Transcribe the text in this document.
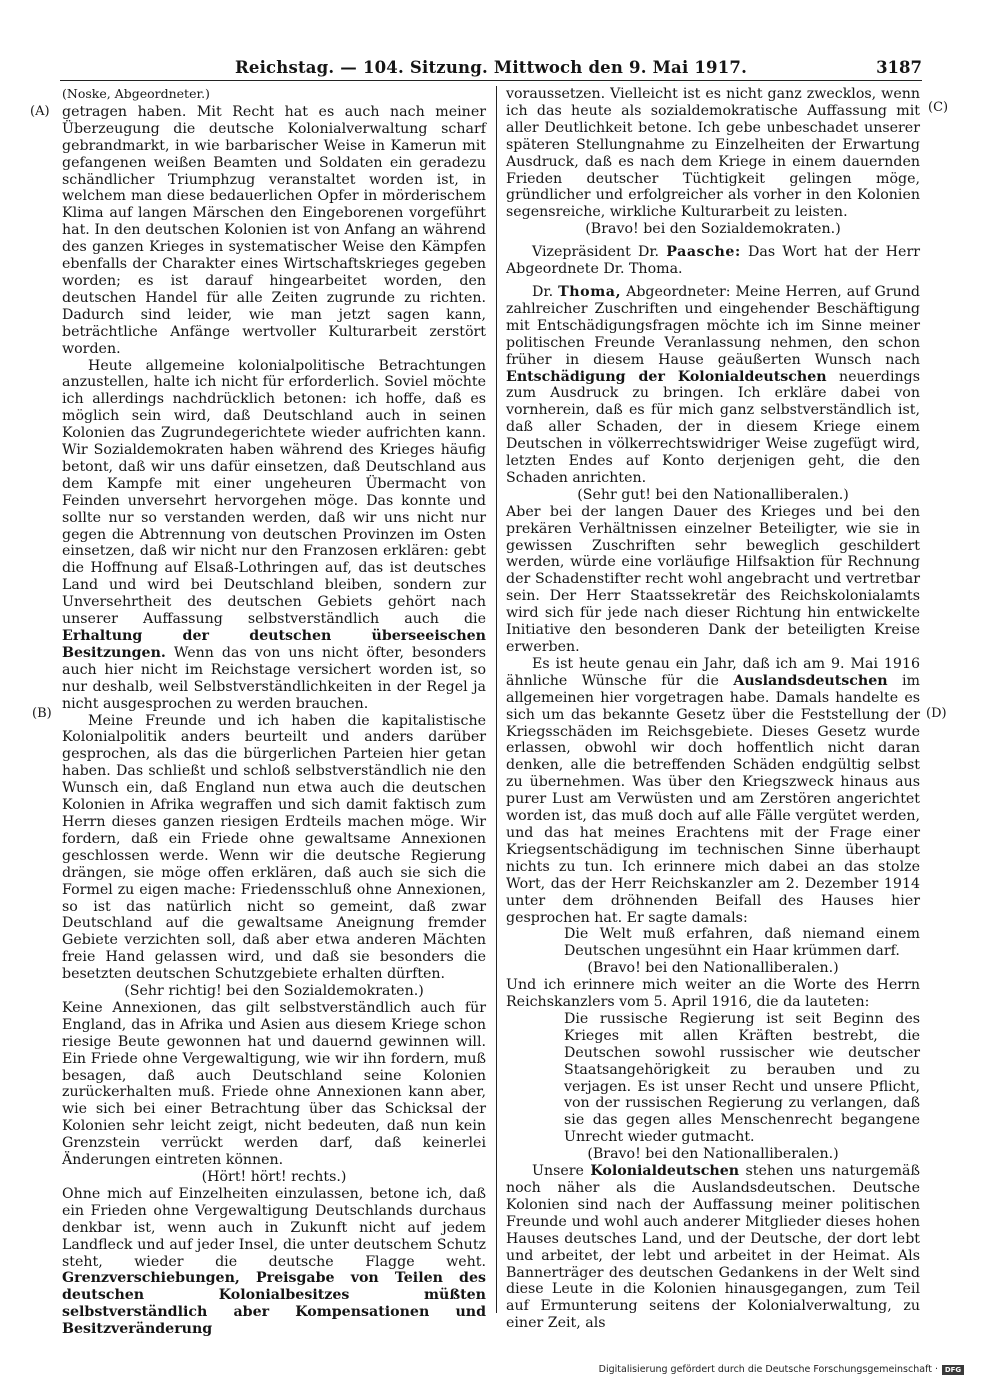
Reichstag. — 104. Sitzung. Mittwoch den 9. Mai 1917.	3187
(A)
(B)
(C)
(D)

(Noske, Abgeordneter.)

getragen haben. Mit Recht hat es auch nach meiner Überzeugung die deutsche Kolonialverwaltung scharf gebrandmarkt, in wie barbarischer Weise in Kamerun mit gefangenen weißen Beamten und Soldaten ein geradezu schändlicher Triumphzug veranstaltet worden ist, in welchem man diese bedauerlichen Opfer in mörderischem Klima auf langen Märschen den Eingeborenen vorgeführt hat. In den deutschen Kolonien ist von Anfang an während des ganzen Krieges in systematischer Weise den Kämpfen ebenfalls der Charakter eines Wirtschaftskrieges gegeben worden; es ist darauf hingearbeitet worden, den deutschen Handel für alle Zeiten zugrunde zu richten. Dadurch sind leider, wie man jetzt sagen kann, beträchtliche Anfänge wertvoller Kulturarbeit zerstört worden.

Heute allgemeine kolonialpolitische Betrachtungen anzustellen, halte ich nicht für erforderlich. Soviel möchte ich allerdings nachdrücklich betonen: ich hoffe, daß es möglich sein wird, daß Deutschland auch in seinen Kolonien das Zugrundegerichtete wieder aufrichten kann. Wir Sozialdemokraten haben während des Krieges häufig betont, daß wir uns dafür einsetzen, daß Deutschland aus dem Kampfe mit einer ungeheuren Übermacht von Feinden unversehrt hervorgehen möge. Das konnte und sollte nur so verstanden werden, daß wir uns nicht nur gegen die Abtrennung von deutschen Provinzen im Osten einsetzen, daß wir nicht nur den Franzosen erklären: gebt die Hoffnung auf Elsaß-Lothringen auf, das ist deutsches Land und wird bei Deutschland bleiben, sondern zur Unversehrtheit des deutschen Gebiets gehört nach unserer Auffassung selbstverständlich auch die Erhaltung der deutschen überseeischen Besitzungen. Wenn das von uns nicht öfter, besonders auch hier nicht im Reichstage versichert worden ist, so nur deshalb, weil Selbstverständlichkeiten in der Regel ja nicht ausgesprochen zu werden brauchen.

Meine Freunde und ich haben die kapitalistische Kolonialpolitik anders beurteilt und anders darüber gesprochen, als das die bürgerlichen Parteien hier getan haben. Das schließt und schloß selbstverständlich nie den Wunsch ein, daß England nun etwa auch die deutschen Kolonien in Afrika wegraffen und sich damit faktisch zum Herrn dieses ganzen riesigen Erdteils machen möge. Wir fordern, daß ein Friede ohne gewaltsame Annexionen geschlossen werde. Wenn wir die deutsche Regierung drängen, sie möge offen erklären, daß auch sie sich die Formel zu eigen mache: Friedensschluß ohne Annexionen, so ist das natürlich nicht so gemeint, daß zwar Deutschland auf die gewaltsame Aneignung fremder Gebiete verzichten soll, daß aber etwa anderen Mächten freie Hand gelassen wird, und daß sie besonders die besetzten deutschen Schutzgebiete erhalten dürften.

(Sehr richtig! bei den Sozialdemokraten.)

Keine Annexionen, das gilt selbstverständlich auch für England, das in Afrika und Asien aus diesem Kriege schon riesige Beute gewonnen hat und dauernd gewinnen will. Ein Friede ohne Vergewaltigung, wie wir ihn fordern, muß besagen, daß auch Deutschland seine Kolonien zurückerhalten muß. Friede ohne Annexionen kann aber, wie sich bei einer Betrachtung über das Schicksal der Kolonien sehr leicht zeigt, nicht bedeuten, daß nun kein Grenzstein verrückt werden darf, daß keinerlei Änderungen eintreten können.

(Hört! hört! rechts.)

Ohne mich auf Einzelheiten einzulassen, betone ich, daß ein Frieden ohne Vergewaltigung Deutschlands durchaus denkbar ist, wenn auch in Zukunft nicht auf jedem Landfleck und auf jeder Insel, die unter deutschem Schutz steht, wieder die deutsche Flagge weht. Grenzverschiebungen, Preisgabe von Teilen des deutschen Kolonialbesitzes müßten selbstverständlich aber Kompensationen und Besitzveränderung

voraussetzen. Vielleicht ist es nicht ganz zwecklos, wenn ich das heute als sozialdemokratische Auffassung mit aller Deutlichkeit betone. Ich gebe unbeschadet unserer späteren Stellungnahme zu Einzelheiten der Erwartung Ausdruck, daß es nach dem Kriege in einem dauernden Frieden deutscher Tüchtigkeit gelingen möge, gründlicher und erfolgreicher als vorher in den Kolonien segensreiche, wirkliche Kulturarbeit zu leisten.

(Bravo! bei den Sozialdemokraten.)

Vizepräsident Dr. Paasche: Das Wort hat der Herr Abgeordnete Dr. Thoma.

Dr. Thoma, Abgeordneter: Meine Herren, auf Grund zahlreicher Zuschriften und eingehender Beschäftigung mit Entschädigungsfragen möchte ich im Sinne meiner politischen Freunde Veranlassung nehmen, den schon früher in diesem Hause geäußerten Wunsch nach Entschädigung der Kolonialdeutschen neuerdings zum Ausdruck zu bringen. Ich erkläre dabei von vornherein, daß es für mich ganz selbstverständlich ist, daß aller Schaden, der in diesem Kriege einem Deutschen in völkerrechtswidriger Weise zugefügt wird, letzten Endes auf Konto derjenigen geht, die den Schaden anrichten.

(Sehr gut! bei den Nationalliberalen.)

Aber bei der langen Dauer des Krieges und bei den prekären Verhältnissen einzelner Beteiligter, wie sie in gewissen Zuschriften sehr beweglich geschildert werden, würde eine vorläufige Hilfsaktion für Rechnung der Schadenstifter recht wohl angebracht und vertretbar sein. Der Herr Staatssekretär des Reichskolonialamts wird sich für jede nach dieser Richtung hin entwickelte Initiative den besonderen Dank der beteiligten Kreise erwerben.

Es ist heute genau ein Jahr, daß ich am 9. Mai 1916 ähnliche Wünsche für die Auslandsdeutschen im allgemeinen hier vorgetragen habe. Damals handelte es sich um das bekannte Gesetz über die Feststellung der Kriegsschäden im Reichsgebiete. Dieses Gesetz wurde erlassen, obwohl wir doch hoffentlich nicht daran denken, alle die betreffenden Schäden endgültig selbst zu übernehmen. Was über den Kriegszweck hinaus aus purer Lust am Verwüsten und am Zerstören angerichtet worden ist, das muß doch auf alle Fälle vergütet werden, und das hat meines Erachtens mit der Frage einer Kriegsentschädigung im technischen Sinne überhaupt nichts zu tun. Ich erinnere mich dabei an das stolze Wort, das der Herr Reichskanzler am 2. Dezember 1914 unter dem dröhnenden Beifall des Hauses hier gesprochen hat. Er sagte damals:

Die Welt muß erfahren, daß niemand einem Deutschen ungesühnt ein Haar krümmen darf.

(Bravo! bei den Nationalliberalen.)

Und ich erinnere mich weiter an die Worte des Herrn Reichskanzlers vom 5. April 1916, die da lauteten:

Die russische Regierung ist seit Beginn des Krieges mit allen Kräften bestrebt, die Deutschen sowohl russischer wie deutscher Staatsangehörigkeit zu berauben und zu verjagen. Es ist unser Recht und unsere Pflicht, von der russischen Regierung zu verlangen, daß sie das gegen alles Menschenrecht begangene Unrecht wieder gutmacht.

(Bravo! bei den Nationalliberalen.)

Unsere Kolonialdeutschen stehen uns naturgemäß noch näher als die Auslandsdeutschen. Deutsche Kolonien sind nach der Auffassung meiner politischen Freunde und wohl auch anderer Mitglieder dieses hohen Hauses deutsches Land, und der Deutsche, der dort lebt und arbeitet, der lebt und arbeitet in der Heimat. Als Bannerträger des deutschen Gedankens in der Welt sind diese Leute in die Kolonien hinausgegangen, zum Teil auf Ermunterung seitens der Kolonialverwaltung, zu einer Zeit, als

Digitalisierung gefördert durch die Deutsche Forschungsgemeinschaft · DFG
